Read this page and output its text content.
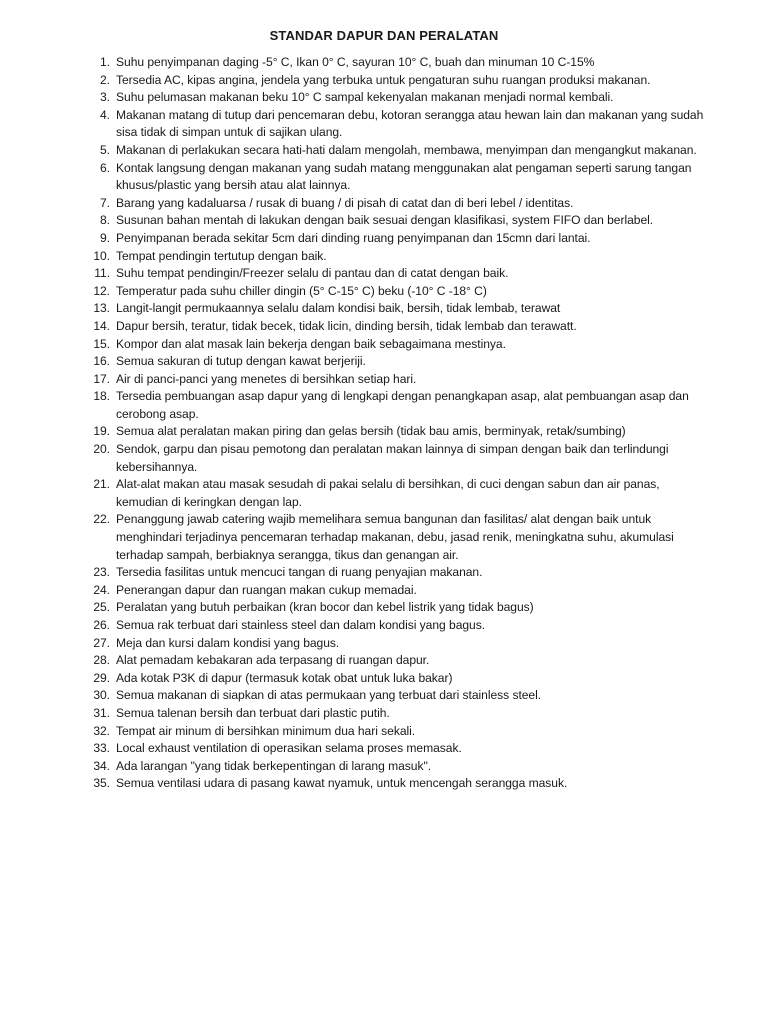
STANDAR DAPUR DAN PERALATAN
1. Suhu penyimpanan daging -5° C, Ikan 0° C, sayuran 10° C, buah dan minuman 10 C-15%
2. Tersedia AC, kipas angina, jendela yang terbuka untuk pengaturan suhu ruangan produksi makanan.
3. Suhu pelumasan makanan beku 10° C sampal kekenyalan makanan menjadi normal kembali.
4. Makanan matang di tutup dari pencemaran debu, kotoran serangga atau hewan lain dan makanan yang sudah sisa tidak di simpan untuk di sajikan ulang.
5. Makanan di perlakukan secara hati-hati dalam mengolah, membawa, menyimpan dan mengangkut makanan.
6. Kontak langsung dengan makanan yang sudah matang menggunakan alat pengaman seperti sarung tangan khusus/plastic yang bersih atau alat lainnya.
7. Barang yang kadaluarsa / rusak di buang / di pisah di catat dan di beri lebel / identitas.
8. Susunan bahan mentah di lakukan dengan baik sesuai dengan klasifikasi, system FIFO dan berlabel.
9. Penyimpanan berada sekitar 5cm dari dinding ruang penyimpanan dan 15cmn dari lantai.
10. Tempat pendingin tertutup dengan baik.
11. Suhu tempat pendingin/Freezer selalu di pantau dan di catat dengan baik.
12. Temperatur pada suhu chiller dingin (5° C-15° C) beku (-10° C -18° C)
13. Langit-langit permukaannya selalu dalam kondisi baik, bersih, tidak lembab, terawat
14. Dapur bersih, teratur, tidak becek, tidak licin, dinding bersih, tidak lembab dan terawatt.
15. Kompor dan alat masak lain bekerja dengan baik sebagaimana mestinya.
16. Semua sakuran di tutup dengan kawat berjeriji.
17. Air di panci-panci yang menetes di bersihkan setiap hari.
18. Tersedia pembuangan asap dapur yang di lengkapi dengan penangkapan asap, alat pembuangan asap dan cerobong asap.
19. Semua alat peralatan makan piring dan gelas bersih (tidak bau amis, berminyak, retak/sumbing)
20. Sendok, garpu dan pisau pemotong dan peralatan makan lainnya di simpan dengan baik dan terlindungi kebersihannya.
21. Alat-alat makan atau masak sesudah di pakai selalu di bersihkan, di cuci dengan sabun dan air panas, kemudian di keringkan dengan lap.
22. Penanggung jawab catering wajib memelihara semua bangunan dan fasilitas/ alat dengan baik untuk menghindari terjadinya pencemaran terhadap makanan, debu, jasad renik, meningkatna suhu, akumulasi terhadap sampah, berbiaknya serangga, tikus dan genangan air.
23. Tersedia fasilitas untuk mencuci tangan di ruang penyajian makanan.
24. Penerangan dapur dan ruangan makan cukup memadai.
25. Peralatan yang butuh perbaikan (kran bocor dan kebel listrik yang tidak bagus)
26. Semua rak terbuat dari stainless steel dan dalam kondisi yang bagus.
27. Meja dan kursi dalam kondisi yang bagus.
28. Alat pemadam kebakaran ada terpasang di ruangan dapur.
29. Ada kotak P3K di dapur (termasuk kotak obat untuk luka bakar)
30. Semua makanan di siapkan di atas permukaan yang terbuat dari stainless steel.
31. Semua talenan bersih dan terbuat dari plastic putih.
32. Tempat air minum di bersihkan minimum dua hari sekali.
33. Local exhaust ventilation di operasikan selama proses memasak.
34. Ada larangan "yang tidak berkepentingan di larang masuk".
35. Semua ventilasi udara di pasang kawat nyamuk, untuk mencengah serangga masuk.
